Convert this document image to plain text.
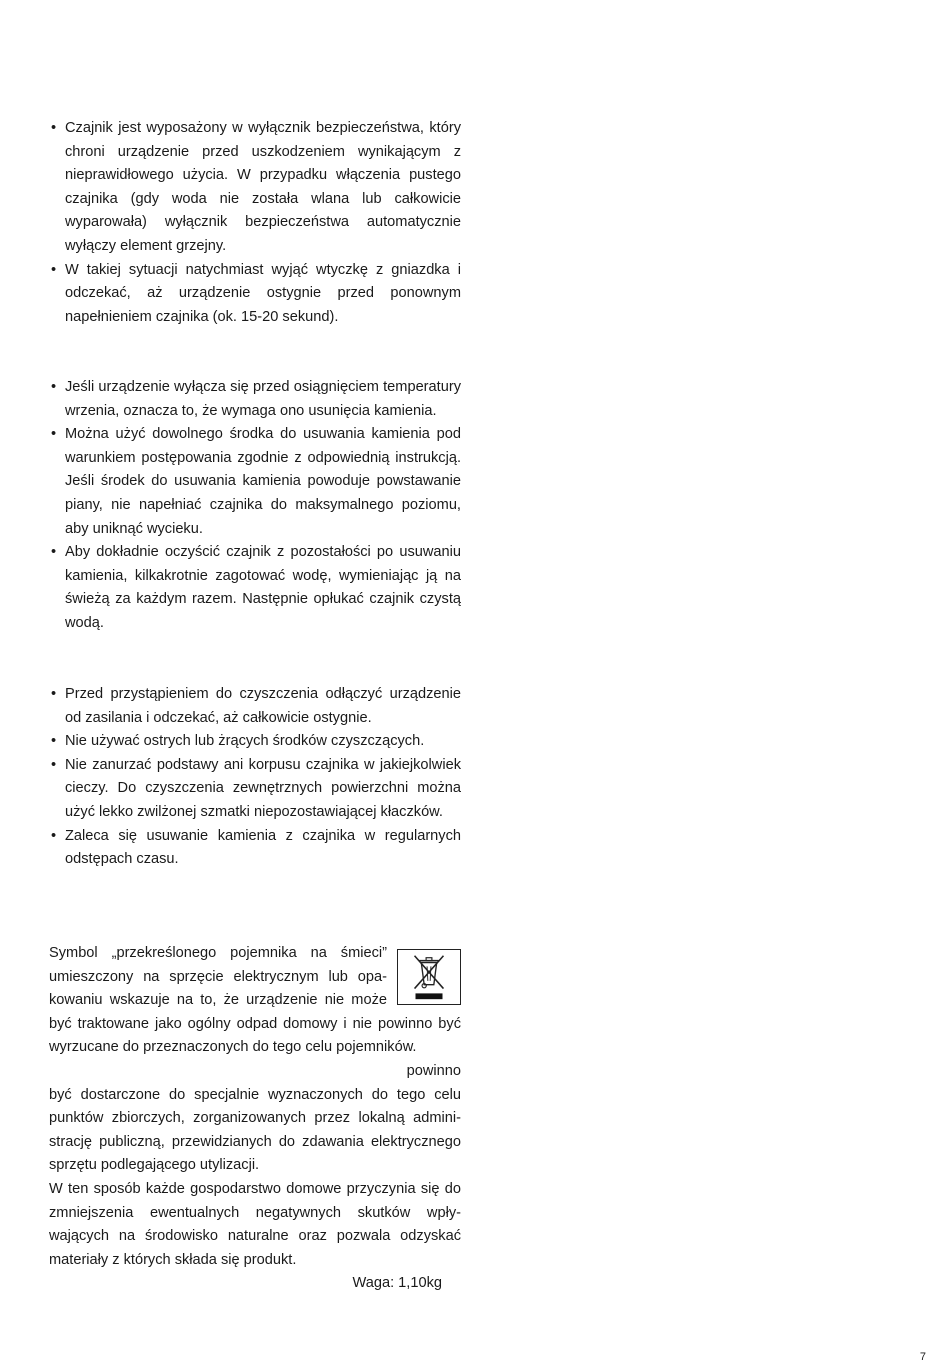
• Czajnik jest wyposażony w wyłącznik bezpieczeństwa, który chroni urządzenie przed uszkodzeniem wynikającym z nieprawidłowego użycia. W przypadku włączenia pustego czajnika (gdy woda nie została wlana lub całkowicie wyparowała) wyłącznik bezpieczeństwa automatycznie wyłączy element grzejny.
• W takiej sytuacji natychmiast wyjąć wtyczkę z gniazdka i odczekać, aż urządzenie ostygnie przed ponownym napełnieniem czajnika (ok. 15-20 sekund).
• Jeśli urządzenie wyłącza się przed osiągnięciem temperatury wrzenia, oznacza to, że wymaga ono usunięcia kamienia.
• Można użyć dowolnego środka do usuwania kamienia pod warunkiem postępowania zgodnie z odpowiednią instrukcją. Jeśli środek do usuwania kamienia powoduje powstawanie piany, nie napełniać czajnika do maksymalnego poziomu, aby uniknąć wycieku.
• Aby dokładnie oczyścić czajnik z pozostałości po usuwaniu kamienia, kilkakrotnie zagotować wodę, wymieniając ją na świeżą za każdym razem. Następnie opłukać czajnik czystą wodą.
• Przed przystąpieniem do czyszczenia odłączyć urządzenie od zasilania i odczekać, aż całkowicie ostygnie.
• Nie używać ostrych lub żrących środków czyszczących.
• Nie zanurzać podstawy ani korpusu czajnika w jakiejkolwiek cieczy. Do czyszczenia zewnętrznych powierzchni można użyć lekko zwilżonej szmatki niepozostawiającej kłaczków.
• Zaleca się usuwanie kamienia z czajnika w regularnych odstępach czasu.

Symbol „przekreślonego pojemnika na śmieci” umieszczony na sprzęcie elektrycznym lub opakowaniu wskazuje na to, że urządzenie nie może być traktowane jako ogólny odpad domowy i nie powinno być wyrzucane do przeznaczonych do tego celu pojemników.

powinno

być dostarczone do specjalnie wyznaczonych do tego celu punktów zbiorczych, zorganizowanych przez lokalną administrację publiczną, przewidzianych do zdawania elektrycznego sprzętu podlegającego utylizacji.

W ten sposób każde gospodarstwo domowe przyczynia się do zmniejszenia ewentualnych negatywnych skutków wpływających na środowisko naturalne oraz pozwala odzyskać materiały z których składa się produkt.

Waga: 1,10kg

7
